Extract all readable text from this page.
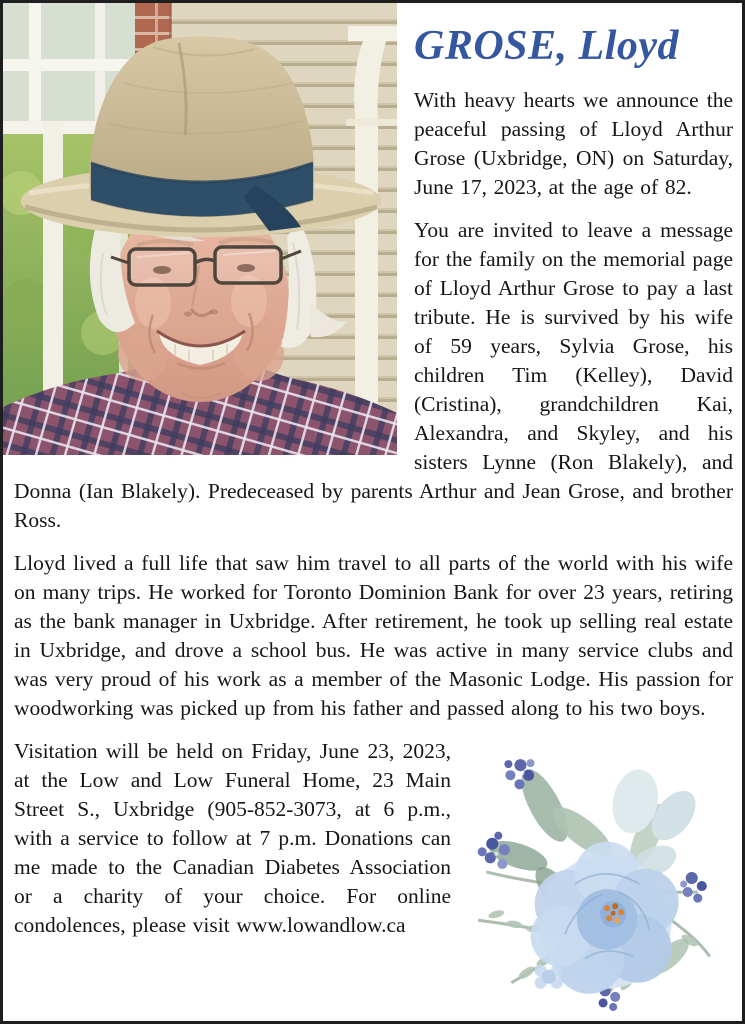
GROSE, Lloyd

With heavy hearts we announce the peaceful passing of Lloyd Arthur Grose (Uxbridge, ON) on Saturday, June 17, 2023, at the age of 82.

You are invited to leave a message for the family on the memorial page of Lloyd Arthur Grose to pay a last tribute. He is survived by his wife of 59 years, Sylvia Grose, his children Tim (Kelley), David (Cristina), grandchildren Kai, Alexandra, and Skyley, and his sisters Lynne (Ron Blakely), and Donna (Ian Blakely). Predeceased by parents Arthur and Jean Grose, and brother Ross.

Lloyd lived a full life that saw him travel to all parts of the world with his wife on many trips. He worked for Toronto Dominion Bank for over 23 years, retiring as the bank manager in Uxbridge. After retirement, he took up selling real estate in Uxbridge, and drove a school bus. He was active in many service clubs and was very proud of his work as a member of the Masonic Lodge. His passion for woodworking was picked up from his father and passed along to his two boys.

Visitation will be held on Friday, June 23, 2023, at the Low and Low Funeral Home, 23 Main Street S., Uxbridge (905-852-3073, at 6 p.m., with a service to follow at 7 p.m. Donations can me made to the Canadian Diabetes Association or a charity of your choice. For online condolences, please visit www.lowandlow.ca
